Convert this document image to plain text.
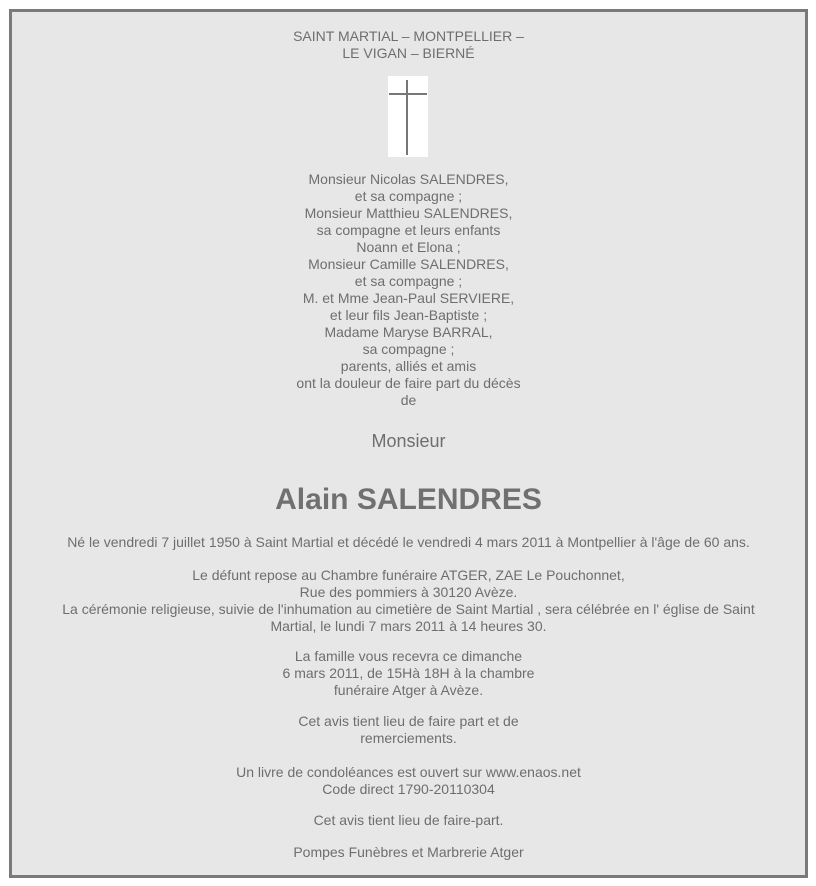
SAINT MARTIAL – MONTPELLIER –
LE VIGAN – BIERNÉ
Monsieur Nicolas SALENDRES,
et sa compagne ;
Monsieur Matthieu SALENDRES,
sa compagne et leurs enfants
Noann et Elona ;
Monsieur Camille SALENDRES,
et sa compagne ;
M. et Mme Jean-Paul SERVIERE,
et leur fils Jean-Baptiste ;
Madame Maryse BARRAL,
sa compagne ;
parents, alliés et amis
ont la douleur de faire part du décès
de
Monsieur
Alain SALENDRES
Né le vendredi 7 juillet 1950 à Saint Martial et décédé le vendredi 4 mars 2011 à Montpellier à l'âge de 60 ans.
Le défunt repose au Chambre funéraire ATGER, ZAE Le Pouchonnet,
Rue des pommiers à 30120 Avèze.
La cérémonie religieuse, suivie de l'inhumation au cimetière de Saint Martial , sera célébrée en l' église de Saint Martial, le lundi 7 mars 2011 à 14 heures 30.
La famille vous recevra ce dimanche
6 mars 2011, de 15Hà 18H à la chambre
funéraire Atger à Avèze.
Cet avis tient lieu de faire part et de
remerciements.
Un livre de condoléances est ouvert sur www.enaos.net
Code direct 1790-20110304
Cet avis tient lieu de faire-part.
Pompes Funèbres et Marbrerie Atger
